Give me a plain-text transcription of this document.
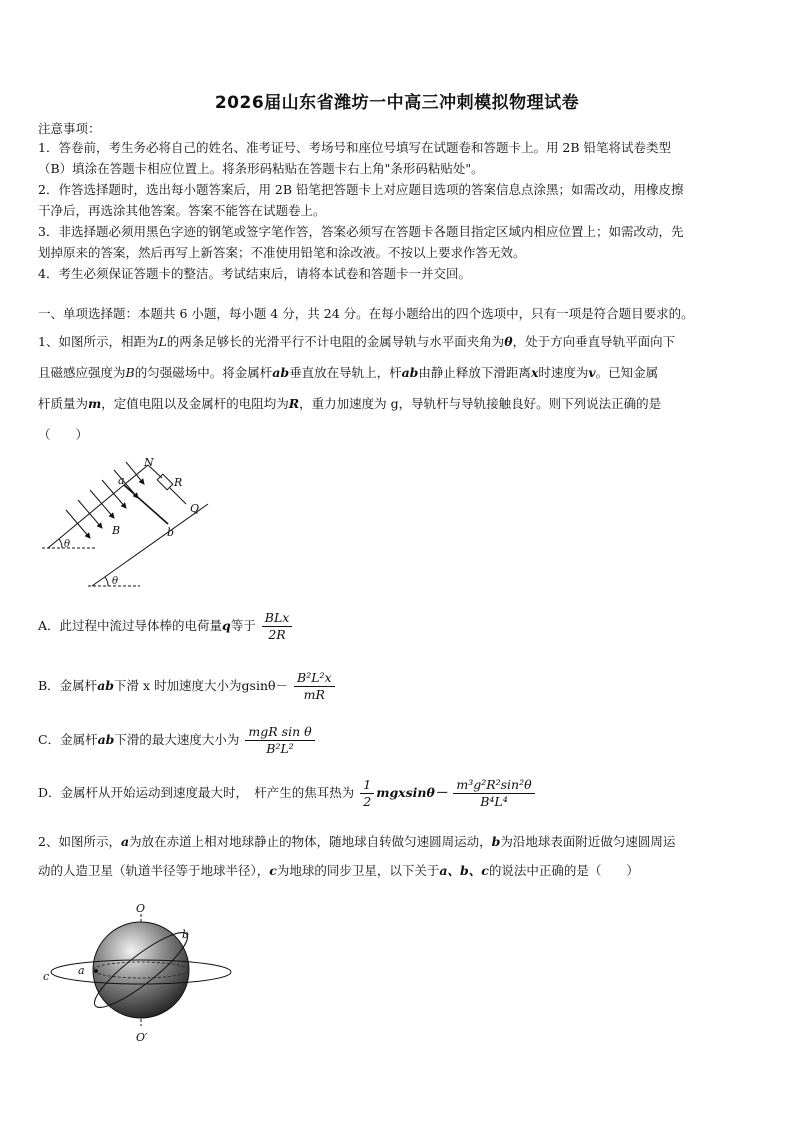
2026届山东省潍坊一中高三冲刺模拟物理试卷
注意事项：
1．答卷前，考生务必将自己的姓名、准考证号、考场号和座位号填写在试题卷和答题卡上。用 2B 铅笔将试卷类型
（B）填涂在答题卡相应位置上。将条形码粘贴在答题卡右上角"条形码粘贴处"。
2．作答选择题时，选出每小题答案后，用 2B 铅笔把答题卡上对应题目选项的答案信息点涂黑；如需改动，用橡皮擦
干净后，再选涂其他答案。答案不能答在试题卷上。
3．非选择题必须用黑色字迹的钢笔或签字笔作答，答案必须写在答题卡各题目指定区域内相应位置上；如需改动，先
划掉原来的答案，然后再写上新答案；不准使用铅笔和涂改液。不按以上要求作答无效。
4．考生必须保证答题卡的整洁。考试结束后，请将本试卷和答题卡一并交回。
一、单项选择题：本题共 6 小题，每小题 4 分，共 24 分。在每小题给出的四个选项中，只有一项是符合题目要求的。
1、如图所示，相距为L的两条足够长的光滑平行不计电阻的金属导轨与水平面夹角为θ，处于方向垂直导轨平面向下
且磁感应强度为B的匀强磁场中。将金属杆ab垂直放在导轨上，杆ab由静止释放下滑距离x时速度为v。已知金属
杆质量为m，定值电阻以及金属杆的电阻均为R，重力加速度为 g，导轨杆与导轨接触良好。则下列说法正确的是
（　　）
N
R
Q
a
b
B
θ
θ
A．此过程中流过导体棒的电荷量q等于 $\frac{\text{BLx}}{2R}$
B．金属杆ab下滑 x 时加速度大小为$gsin\theta- \frac{\text{B²L²x}}{mR}$
C．金属杆ab下滑的最大速度大小为 $\frac{\text{mgR sin θ}}{\text{B²L²}}$
D．金属杆从开始运动到速度最大时，　杆产生的焦耳热为 $\frac{1}{2} mgxsin\theta- \frac{\text{m³g²R²sin²θ}}{\text{B⁴L⁴}}$
2、如图所示，a为放在赤道上相对地球静止的物体，随地球自转做匀速圆周运动，b为沿地球表面附近做匀速圆周运
动的人造卫星（轨道半径等于地球半径），c为地球的同步卫星，以下关于a、b、c的说法中正确的是（　　）
O
O′
a
b
c
